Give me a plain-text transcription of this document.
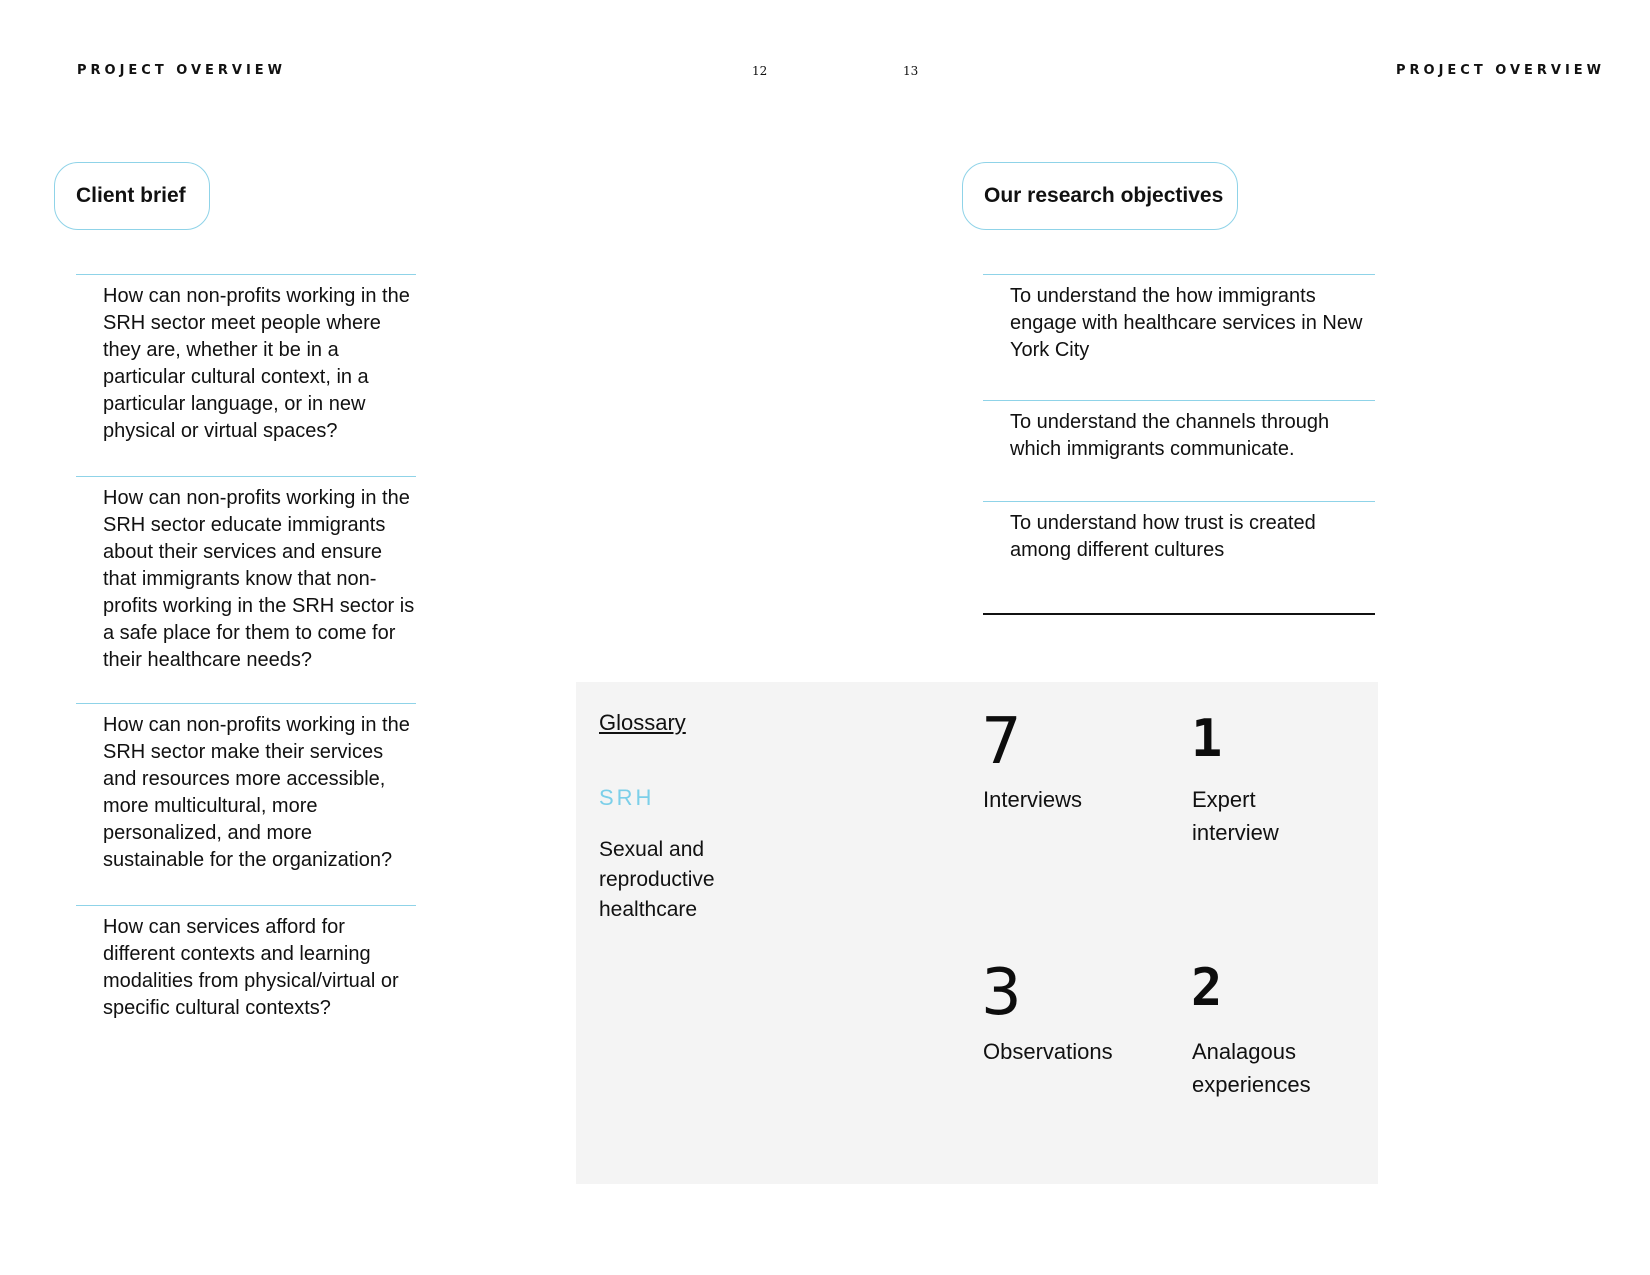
PROJECT OVERVIEW	12	13	PROJECT OVERVIEW
Client brief

How can non-profits working in the SRH sector meet people where they are, whether it be in a particular cultural context, in a particular language, or in new physical or virtual spaces?

How can non-profits working in the SRH sector educate immigrants about their services and ensure that immigrants know that non-profits working in the SRH sector is a safe place for them to come for their healthcare needs?

How can non-profits working in the SRH sector make their services and resources more accessible, more multicultural, more personalized, and more sustainable for the organization?

How can services afford for different contexts and learning modalities from physical/virtual or specific cultural contexts?

Our research objectives

To understand the how immigrants engage with healthcare services in New York City

To understand the channels through which immigrants communicate.

To understand how trust is created among different cultures

Glossary
SRH
Sexual and reproductive healthcare
7
Interviews
1
Expert interview
3
Observations
2
Analagous experiences
